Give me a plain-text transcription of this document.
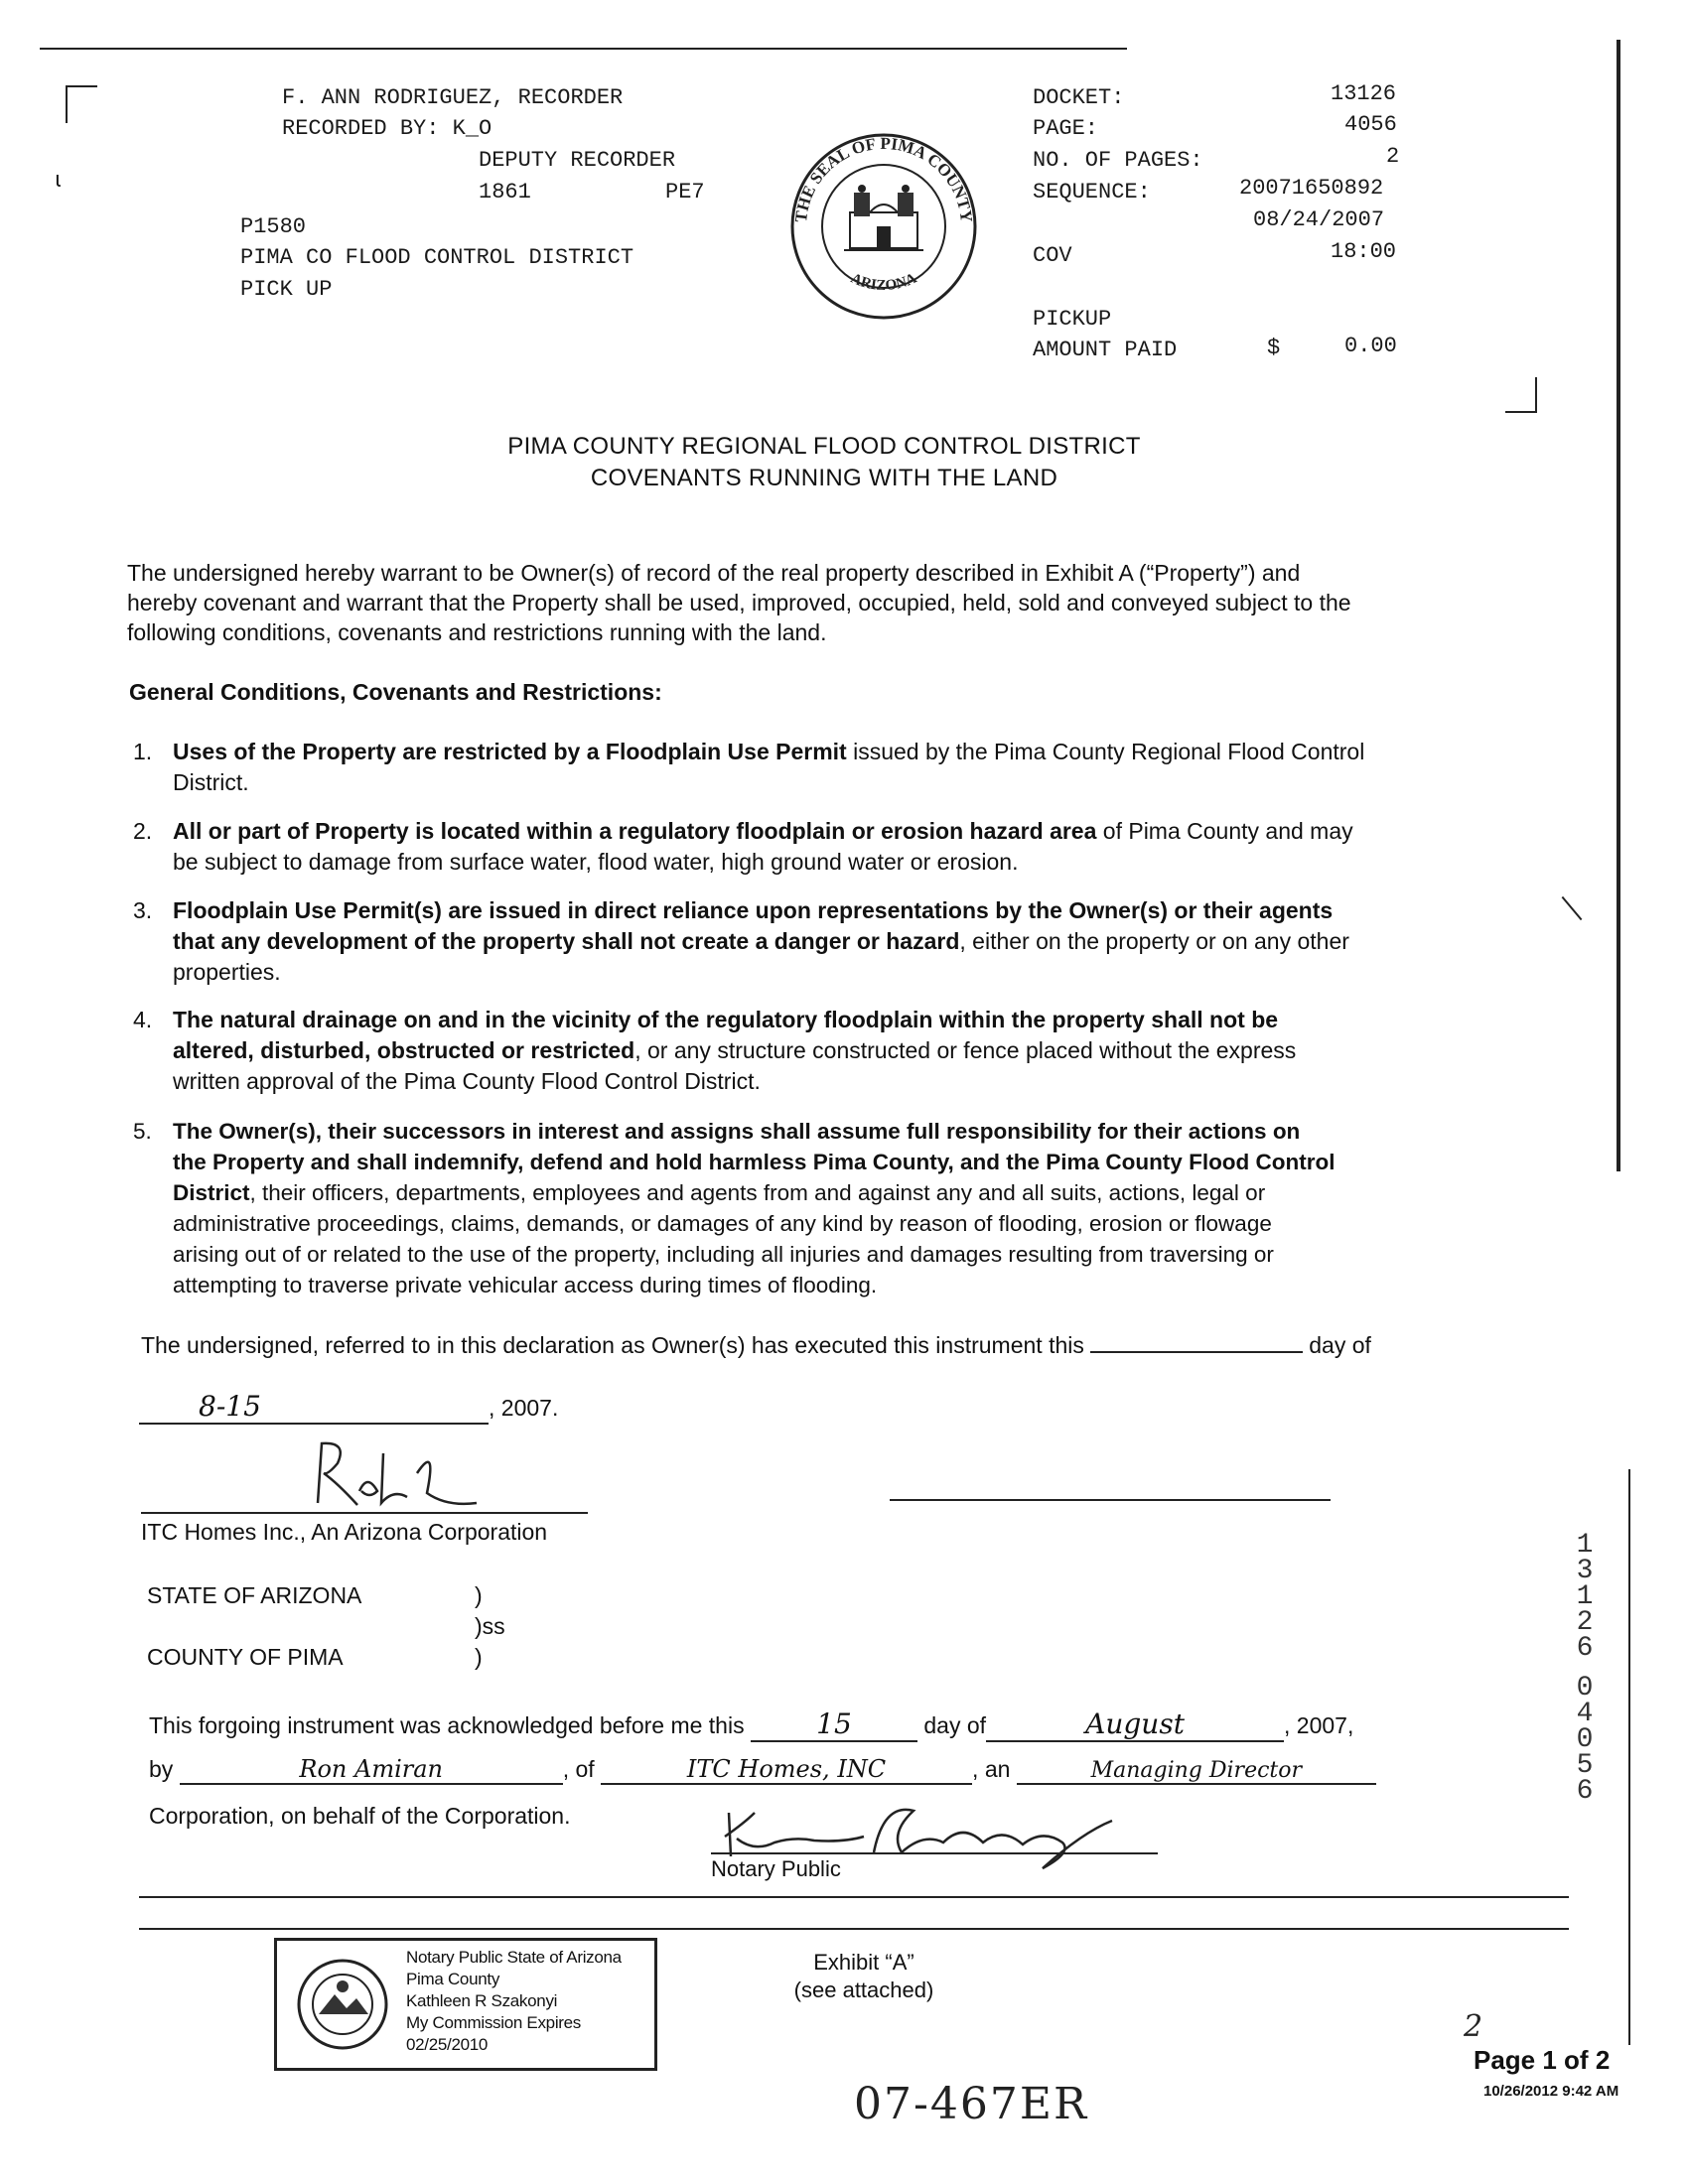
ɩ
F. ANN RODRIGUEZ, RECORDER
RECORDED BY: K_O
DEPUTY RECORDER
1861	PE7
P1580
PIMA CO FLOOD CONTROL DISTRICT
PICK UP
THE SEAL OF PIMA COUNTY
ARIZONA
DOCKET:	13126
PAGE:	4056
NO. OF PAGES:	2
SEQUENCE:	20071650892
08/24/2007
COV	18:00
PICKUP
AMOUNT PAID	$	0.00
PIMA COUNTY REGIONAL FLOOD CONTROL DISTRICT
COVENANTS RUNNING WITH THE LAND
The undersigned hereby warrant to be Owner(s) of record of the real property described in Exhibit A (“Property”) and
hereby covenant and warrant that the Property shall be used, improved, occupied, held, sold and conveyed subject to the
following conditions, covenants and restrictions running with the land.
General Conditions, Covenants and Restrictions:
1. Uses of the Property are restricted by a Floodplain Use Permit issued by the Pima County Regional Flood Control
District.
2. All or part of Property is located within a regulatory floodplain or erosion hazard area of Pima County and may
be subject to damage from surface water, flood water, high ground water or erosion.
3. Floodplain Use Permit(s) are issued in direct reliance upon representations by the Owner(s) or their agents
that any development of the property shall not create a danger or hazard, either on the property or on any other
properties.
4. The natural drainage on and in the vicinity of the regulatory floodplain within the property shall not be
altered, disturbed, obstructed or restricted, or any structure constructed or fence placed without the express
written approval of the Pima County Flood Control District.
5. The Owner(s), their successors in interest and assigns shall assume full responsibility for their actions on
the Property and shall indemnify, defend and hold harmless Pima County, and the Pima County Flood Control
District, their officers, departments, employees and agents from and against any and all suits, actions, legal or
administrative proceedings, claims, demands, or damages of any kind by reason of flooding, erosion or flowage
arising out of or related to the use of the property, including all injuries and damages resulting from traversing or
attempting to traverse private vehicular access during times of flooding.
The undersigned, referred to in this declaration as Owner(s) has executed this instrument this	day of
8-15	, 2007.
ITC Homes Inc., An Arizona Corporation
STATE OF ARIZONA	)
)ss
COUNTY OF PIMA	)
This forgoing instrument was acknowledged before me this	15	day of	August	, 2007,
by	Ron Amiran	, of	ITC Homes, INC	, an	Managing Director
Corporation, on behalf of the Corporation.
Notary Public
Notary Public State of Arizona
Pima County
Kathleen R Szakonyi
My Commission Expires
02/25/2010
Exhibit “A”
(see attached)
2
Page 1 of 2
10/26/2012 9:42 AM
07-467ER
13126
04056
